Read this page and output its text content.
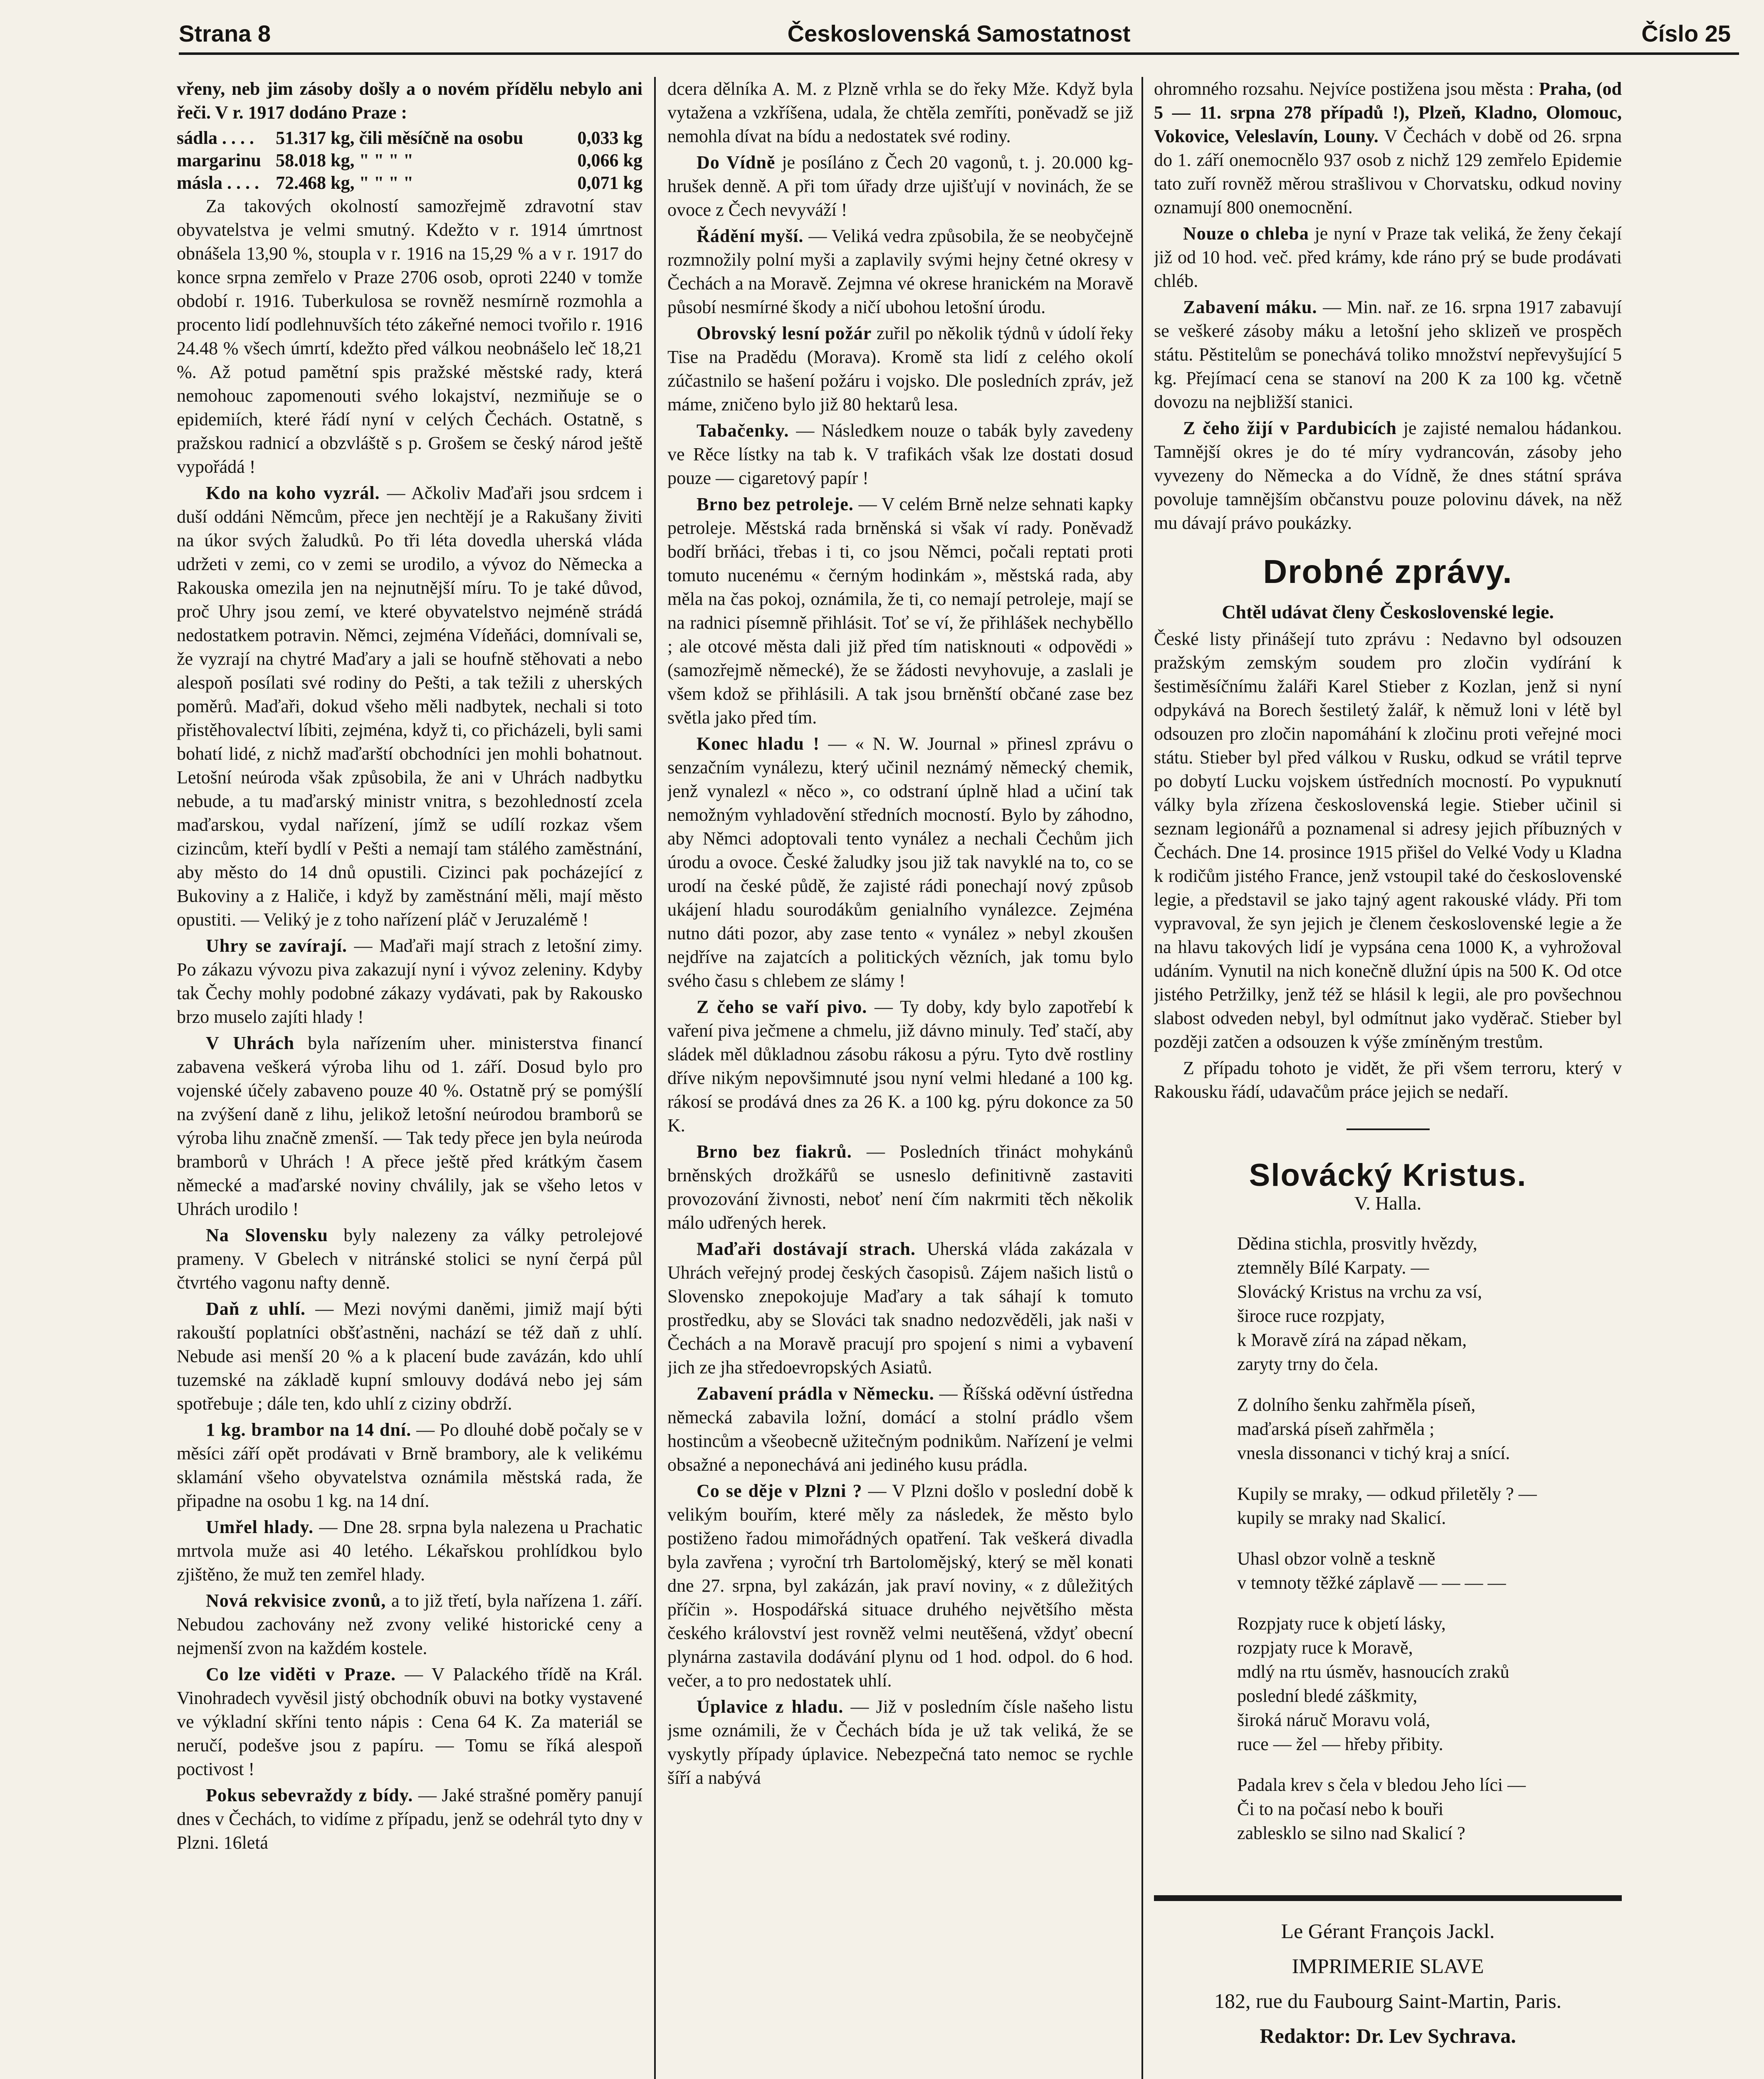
Strana 8	Československá Samostatnost	Číslo 25

vřeny, neb jim zásoby došly a o novém přídělu nebylo ani řeči. V r. 1917 dodáno Praze :

sádla . . . .	51.317 kg, čili měsíčně na osobu	0,033 kg
margarinu	58.018 kg, " " " "	0,066 kg
másla . . . .	72.468 kg, " " " "	0,071 kg

Za takových okolností samozřejmě zdravotní stav obyvatelstva je velmi smutný. Kdežto v r. 1914 úmrtnost obnášela 13,90 %, stoupla v r. 1916 na 15,29 % a v r. 1917 do konce srpna zemřelo v Praze 2706 osob, oproti 2240 v tomže období r. 1916. Tuberkulosa se rovněž nesmírně rozmohla a procento lidí podlehnuvších této zákeřné nemoci tvořilo r. 1916 24.48 % všech úmrtí, kdežto před válkou neobnášelo leč 18,21 %. Až potud pamětní spis pražské městské rady, která nemohouc zapomenouti svého lokajství, nezmiňuje se o epidemiích, které řádí nyní v celých Čechách. Ostatně, s pražskou radnicí a obzvláště s p. Grošem se český národ ještě vypořádá !

Kdo na koho vyzrál. — Ačkoliv Maďaři jsou srdcem i duší oddáni Němcům, přece jen nechtějí je a Rakušany živiti na úkor svých žaludků. Po tři léta dovedla uherská vláda udržeti v zemi, co v zemi se urodilo, a vývoz do Německa a Rakouska omezila jen na nejnutnější míru. To je také důvod, proč Uhry jsou zemí, ve které obyvatelstvo nejméně strádá nedostatkem potravin. Němci, zejména Vídeňáci, domnívali se, že vyzrají na chytré Maďary a jali se houfně stěhovati a nebo alespoň posílati své rodiny do Pešti, a tak težili z uherských poměrů. Maďaři, dokud všeho měli nadbytek, nechali si toto přistěhovalectví líbiti, zejména, když ti, co přicházeli, byli sami bohatí lidé, z nichž maďarští obchodníci jen mohli bohatnout. Letošní neúroda však způsobila, že ani v Uhrách nadbytku nebude, a tu maďarský ministr vnitra, s bezohledností zcela maďarskou, vydal nařízení, jímž se udílí rozkaz všem cizincům, kteří bydlí v Pešti a nemají tam stálého zaměstnání, aby město do 14 dnů opustili. Cizinci pak pocházející z Bukoviny a z Haliče, i když by zaměstnání měli, mají město opustiti. — Veliký je z toho nařízení pláč v Jeruzalémě !

Uhry se zavírají. — Maďaři mají strach z letošní zimy. Po zákazu vývozu piva zakazují nyní i vývoz zeleniny. Kdyby tak Čechy mohly podobné zákazy vydávati, pak by Rakousko brzo muselo zajíti hlady !

V Uhrách byla nařízením uher. ministerstva financí zabavena veškerá výroba lihu od 1. září. Dosud bylo pro vojenské účely zabaveno pouze 40 %. Ostatně prý se pomýšlí na zvýšení daně z lihu, jelikož letošní neúrodou bramborů se výroba lihu značně zmenší. — Tak tedy přece jen byla neúroda bramborů v Uhrách ! A přece ještě před krátkým časem německé a maďarské noviny chválily, jak se všeho letos v Uhrách urodilo !

Na Slovensku byly nalezeny za války petrolejové prameny. V Gbelech v nitránské stolici se nyní čerpá půl čtvrtého vagonu nafty denně.

Daň z uhlí. — Mezi novými daněmi, jimiž mají býti rakouští poplatníci obšťastněni, nachází se též daň z uhlí. Nebude asi menší 20 % a k placení bude zavázán, kdo uhlí tuzemské na základě kupní smlouvy dodává nebo jej sám spotřebuje ; dále ten, kdo uhlí z ciziny obdrží.

1 kg. brambor na 14 dní. — Po dlouhé době počaly se v měsíci září opět prodávati v Brně brambory, ale k velikému sklamání všeho obyvatelstva oznámila městská rada, že připadne na osobu 1 kg. na 14 dní.

Umřel hlady. — Dne 28. srpna byla nalezena u Prachatic mrtvola muže asi 40 letého. Lékařskou prohlídkou bylo zjištěno, že muž ten zemřel hlady.

Nová rekvisice zvonů, a to již třetí, byla nařízena 1. září. Nebudou zachovány než zvony veliké historické ceny a nejmenší zvon na každém kostele.

Co lze viděti v Praze. — V Palackého třídě na Král. Vinohradech vyvěsil jistý obchodník obuvi na botky vystavené ve výkladní skříni tento nápis : Cena 64 K. Za materiál se neručí, podešve jsou z papíru. — Tomu se říká alespoň poctivost !

Pokus sebevraždy z bídy. — Jaké strašné poměry panují dnes v Čechách, to vidíme z případu, jenž se odehrál tyto dny v Plzni. 16letá

dcera dělníka A. M. z Plzně vrhla se do řeky Mže. Když byla vytažena a vzkříšena, udala, že chtěla zemříti, poněvadž se již nemohla dívat na bídu a nedostatek své rodiny.

Do Vídně je posíláno z Čech 20 vagonů, t. j. 20.000 kg-hrušek denně. A při tom úřady drze ujišťují v novinách, že se ovoce z Čech nevyváží !

Řádění myší. — Veliká vedra způsobila, že se neobyčejně rozmnožily polní myši a zaplavily svými hejny četné okresy v Čechách a na Moravě. Zejmna vé okrese hranickém na Moravě působí nesmírné škody a ničí ubohou letošní úrodu.

Obrovský lesní požár zuřil po několik týdnů v údolí řeky Tise na Pradědu (Morava). Kromě sta lidí z celého okolí zúčastnilo se hašení požáru i vojsko. Dle posledních zpráv, jež máme, zničeno bylo již 80 hektarů lesa.

Tabačenky. — Následkem nouze o tabák byly zavedeny ve Rěce lístky na tab k. V trafikách však lze dostati dosud pouze — cigaretový papír !

Brno bez petroleje. — V celém Brně nelze sehnati kapky petroleje. Městská rada brněnská si však ví rady. Poněvadž bodří brňáci, třebas i ti, co jsou Němci, počali reptati proti tomuto nucenému « černým hodinkám », městská rada, aby měla na čas pokoj, oznámila, že ti, co nemají petroleje, mají se na radnici písemně přihlásit. Toť se ví, že přihlášek nechyběllo ; ale otcové města dali již před tím natisknouti « odpovědi » (samozřejmě německé), že se žádosti nevyhovuje, a zaslali je všem kdož se přihlásili. A tak jsou brněnští občané zase bez světla jako před tím.

Konec hladu ! — « N. W. Journal » přinesl zprávu o senzačním vynálezu, který učinil neznámý německý chemik, jenž vynalezl « něco », co odstraní úplně hlad a učiní tak nemožným vyhladovění středních mocností. Bylo by záhodno, aby Němci adoptovali tento vynález a nechali Čechům jich úrodu a ovoce. České žaludky jsou již tak navyklé na to, co se urodí na české půdě, že zajisté rádi ponechají nový způsob ukájení hladu sourodákům genialního vynálezce. Zejména nutno dáti pozor, aby zase tento « vynález » nebyl zkoušen nejdříve na zajatcích a politických vězních, jak tomu bylo svého času s chlebem ze slámy !

Z čeho se vaří pivo. — Ty doby, kdy bylo zapotřebí k vaření piva ječmene a chmelu, již dávno minuly. Teď stačí, aby sládek měl důkladnou zásobu rákosu a pýru. Tyto dvě rostliny dříve nikým nepovšimnuté jsou nyní velmi hledané a 100 kg. rákosí se prodává dnes za 26 K. a 100 kg. pýru dokonce za 50 K.

Brno bez fiakrů. — Posledních třináct mohykánů brněnských drožkářů se usneslo definitivně zastaviti provozování živnosti, neboť není čím nakrmiti těch několik málo udřených herek.

Maďaři dostávají strach. Uherská vláda zakázala v Uhrách veřejný prodej českých časopisů. Zájem našich listů o Slovensko znepokojuje Maďary a tak sáhají k tomuto prostředku, aby se Slováci tak snadno nedozvěděli, jak naši v Čechách a na Moravě pracují pro spojení s nimi a vybavení jich ze jha středoevropských Asiatů.

Zabavení prádla v Německu. — Říšská oděvní ústředna německá zabavila ložní, domácí a stolní prádlo všem hostincům a všeobecně užitečným podnikům. Nařízení je velmi obsažné a neponechává ani jediného kusu prádla.

Co se děje v Plzni ? — V Plzni došlo v poslední době k velikým bouřím, které měly za následek, že město bylo postiženo řadou mimořádných opatření. Tak veškerá divadla byla zavřena ; vyroční trh Bartolomějský, který se měl konati dne 27. srpna, byl zakázán, jak praví noviny, « z důležitých příčin ». Hospodářská situace druhého největšího města českého království jest rovněž velmi neutěšená, vždyť obecní plynárna zastavila dodávání plynu od 1 hod. odpol. do 6 hod. večer, a to pro nedostatek uhlí.

Úplavice z hladu. — Již v posledním čísle našeho listu jsme oznámili, že v Čechách bída je už tak veliká, že se vyskytly případy úplavice. Nebezpečná tato nemoc se rychle šíří a nabývá

ohromného rozsahu. Nejvíce postižena jsou města : Praha, (od 5 — 11. srpna 278 případů !), Plzeň, Kladno, Olomouc, Vokovice, Veleslavín, Louny. V Čechách v době od 26. srpna do 1. září onemocnělo 937 osob z nichž 129 zemřelo Epidemie tato zuří rovněž měrou strašlivou v Chorvatsku, odkud noviny oznamují 800 onemocnění.

Nouze o chleba je nyní v Praze tak veliká, že ženy čekají již od 10 hod. več. před krámy, kde ráno prý se bude prodávati chléb.

Zabavení máku. — Min. nař. ze 16. srpna 1917 zabavují se veškeré zásoby máku a letošní jeho sklizeň ve prospěch státu. Pěstitelům se ponechává toliko množství nepřevyšující 5 kg. Přejímací cena se stanoví na 200 K za 100 kg. včetně dovozu na nejbližší stanici.

Z čeho žijí v Pardubicích je zajisté nemalou hádankou. Tamnější okres je do té míry vydrancován, zásoby jeho vyvezeny do Německa a do Vídně, že dnes státní správa povoluje tamnějším občanstvu pouze polovinu dávek, na něž mu dávají právo poukázky.

Drobné zprávy.
Chtěl udávat členy Československé legie.

České listy přinášejí tuto zprávu : Nedavno byl odsouzen pražským zemským soudem pro zločin vydírání k šestiměsíčnímu žaláři Karel Stieber z Kozlan, jenž si nyní odpykává na Borech šestiletý žalář, k němuž loni v létě byl odsouzen pro zločin napomáhání k zločinu proti veřejné moci státu. Stieber byl před válkou v Rusku, odkud se vrátil teprve po dobytí Lucku vojskem ústředních mocností. Po vypuknutí války byla zřízena československá legie. Stieber učinil si seznam legionářů a poznamenal si adresy jejich příbuzných v Čechách. Dne 14. prosince 1915 přišel do Velké Vody u Kladna k rodičům jistého France, jenž vstoupil také do československé legie, a představil se jako tajný agent rakouské vlády. Při tom vypravoval, že syn jejich je členem československé legie a že na hlavu takových lidí je vypsána cena 1000 K, a vyhrožoval udáním. Vynutil na nich konečně dlužní úpis na 500 K. Od otce jistého Petržilky, jenž též se hlásil k legii, ale pro povšechnou slabost odveden nebyl, byl odmítnut jako vyděrač. Stieber byl později zatčen a odsouzen k výše zmíněným trestům.

Z případu tohoto je vidět, že při všem terroru, který v Rakousku řádí, udavačům práce jejich se nedaří.

Slovácký Kristus.
V. Halla.
Dědina stichla, prosvitly hvězdy,
ztemněly Bílé Karpaty. —
Slovácký Kristus na vrchu za vsí,
široce ruce rozpjaty,
k Moravě zírá na západ někam,
zaryty trny do čela.
Z dolního šenku zahřměla píseň,
maďarská píseň zahřměla ;
vnesla dissonanci v tichý kraj a snící.
Kupily se mraky, — odkud přiletěly ? —
kupily se mraky nad Skalicí.
Uhasl obzor volně a teskně
v temnoty těžké záplavě — — — —
Rozpjaty ruce k objetí lásky,
rozpjaty ruce k Moravě,
mdlý na rtu úsměv, hasnoucích zraků
poslední bledé záškmity,
široká náruč Moravu volá,
ruce — žel — hřeby přibity.
Padala krev s čela v bledou Jeho líci —
Či to na počasí nebo k bouři
zablesklo se silno nad Skalicí ?
Le Gérant François Jackl.
IMPRIMERIE SLAVE
182, rue du Faubourg Saint-Martin, Paris.
Redaktor: Dr. Lev Sychrava.
